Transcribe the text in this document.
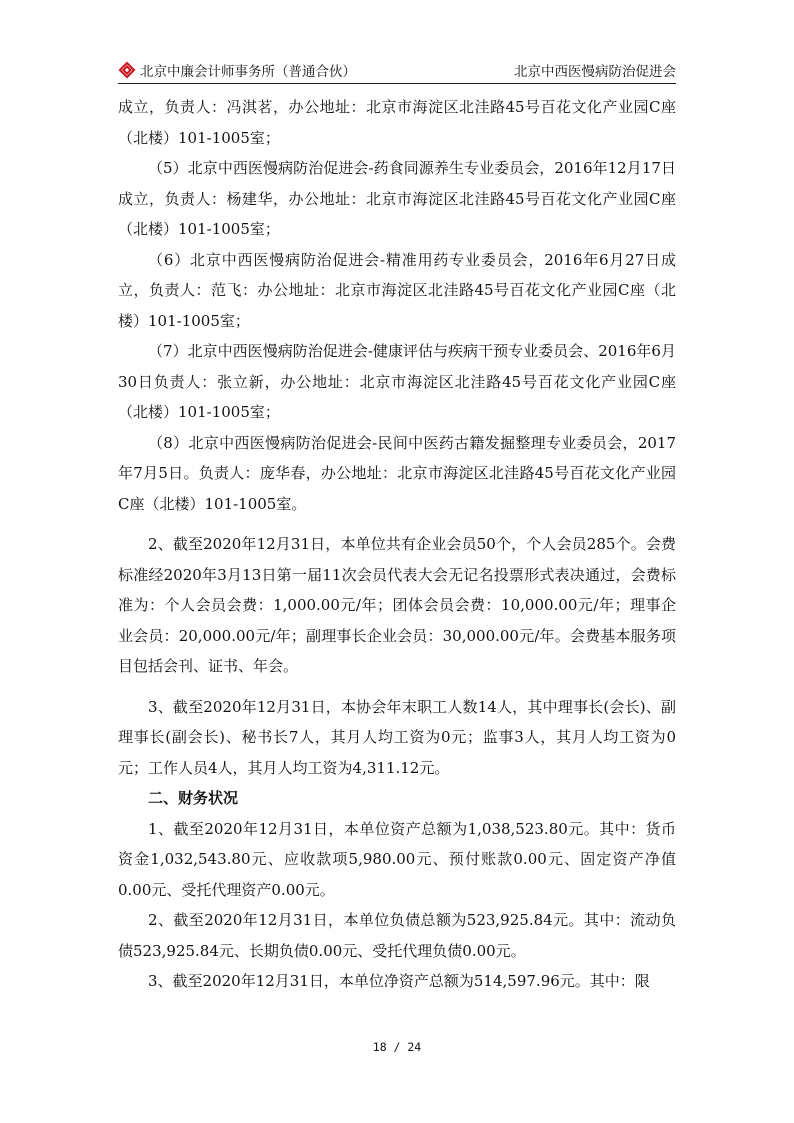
北京中廉会计师事务所（普通合伙）	北京中西医慢病防治促进会

成立，负责人：冯淇茗，办公地址：北京市海淀区北洼路45号百花文化产业园C座（北楼）101-1005室；

（5）北京中西医慢病防治促进会-药食同源养生专业委员会，2016年12月17日成立，负责人：杨建华，办公地址：北京市海淀区北洼路45号百花文化产业园C座（北楼）101-1005室；

（6）北京中西医慢病防治促进会-精准用药专业委员会，2016年6月27日成立，负责人：范飞：办公地址：北京市海淀区北洼路45号百花文化产业园C座（北楼）101-1005室；

（7）北京中西医慢病防治促进会-健康评估与疾病干预专业委员会、2016年6月30日负责人：张立新，办公地址：北京市海淀区北洼路45号百花文化产业园C座（北楼）101-1005室；

（8）北京中西医慢病防治促进会-民间中医药古籍发掘整理专业委员会，2017年7月5日。负责人：庞华春，办公地址：北京市海淀区北洼路45号百花文化产业园C座（北楼）101-1005室。

2、截至2020年12月31日，本单位共有企业会员50个，个人会员285个。会费标准经2020年3月13日第一届11次会员代表大会无记名投票形式表决通过，会费标准为：个人会员会费：1,000.00元/年；团体会员会费：10,000.00元/年；理事企业会员：20,000.00元/年；副理事长企业会员：30,000.00元/年。会费基本服务项目包括会刊、证书、年会。

3、截至2020年12月31日，本协会年末职工人数14人，其中理事长(会长)、副理事长(副会长)、秘书长7人，其月人均工资为0元；监事3人，其月人均工资为0元；工作人员4人，其月人均工资为4,311.12元。

二、财务状况

1、截至2020年12月31日，本单位资产总额为1,038,523.80元。其中：货币资金1,032,543.80元、应收款项5,980.00元、预付账款0.00元、固定资产净值0.00元、受托代理资产0.00元。

2、截至2020年12月31日，本单位负债总额为523,925.84元。其中：流动负债523,925.84元、长期负债0.00元、受托代理负债0.00元。

3、截至2020年12月31日，本单位净资产总额为514,597.96元。其中：限

18 / 24
